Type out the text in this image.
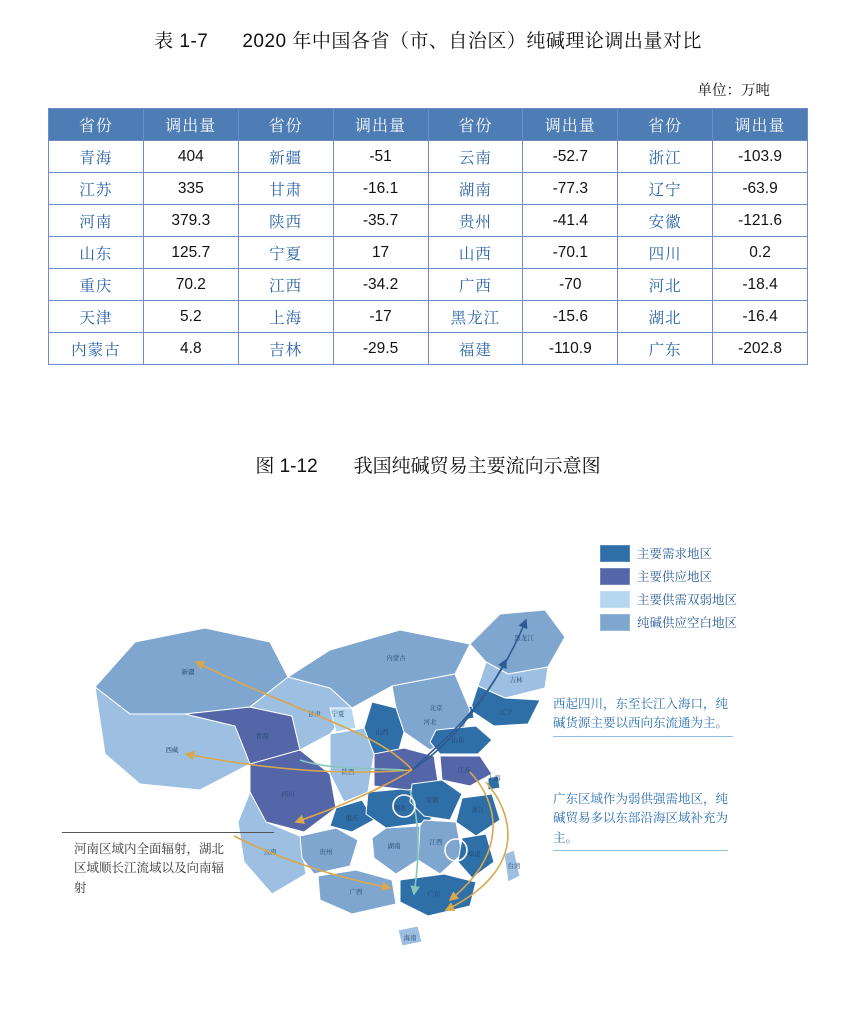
表 1-7 2020 年中国各省（市、自治区）纯碱理论调出量对比
单位：万吨
省份	调出量	省份	调出量	省份	调出量	省份	调出量
青海	404	新疆	-51	云南	-52.7	浙江	-103.9
江苏	335	甘肃	-16.1	湖南	-77.3	辽宁	-63.9
河南	379.3	陕西	-35.7	贵州	-41.4	安徽	-121.6
山东	125.7	宁夏	17	山西	-70.1	四川	0.2
重庆	70.2	江西	-34.2	广西	-70	河北	-18.4
天津	5.2	上海	-17	黑龙江	-15.6	湖北	-16.4
内蒙古	4.8	吉林	-29.5	福建	-110.9	广东	-202.8
图 1-12 我国纯碱贸易主要流向示意图
新疆
西藏
青海
甘肃
内蒙古
黑龙江
吉林
辽宁
北京
河北
山西
陕西
宁夏
四川
重庆
云南	贵州
湖北
河南
山东
江苏
安徽
浙江
江西
湖南
福建
广东
广西
海南
上海
台湾
主要需求地区
主要供应地区
主要供需双弱地区
纯碱供应空白地区
西起四川，东至长江入海口，纯碱货源主要以西向东流通为主。
广东区域作为弱供强需地区，纯碱贸易多以东部沿海区域补充为主。
河南区域内全面辐射，湖北区域顺长江流域以及向南辐射
